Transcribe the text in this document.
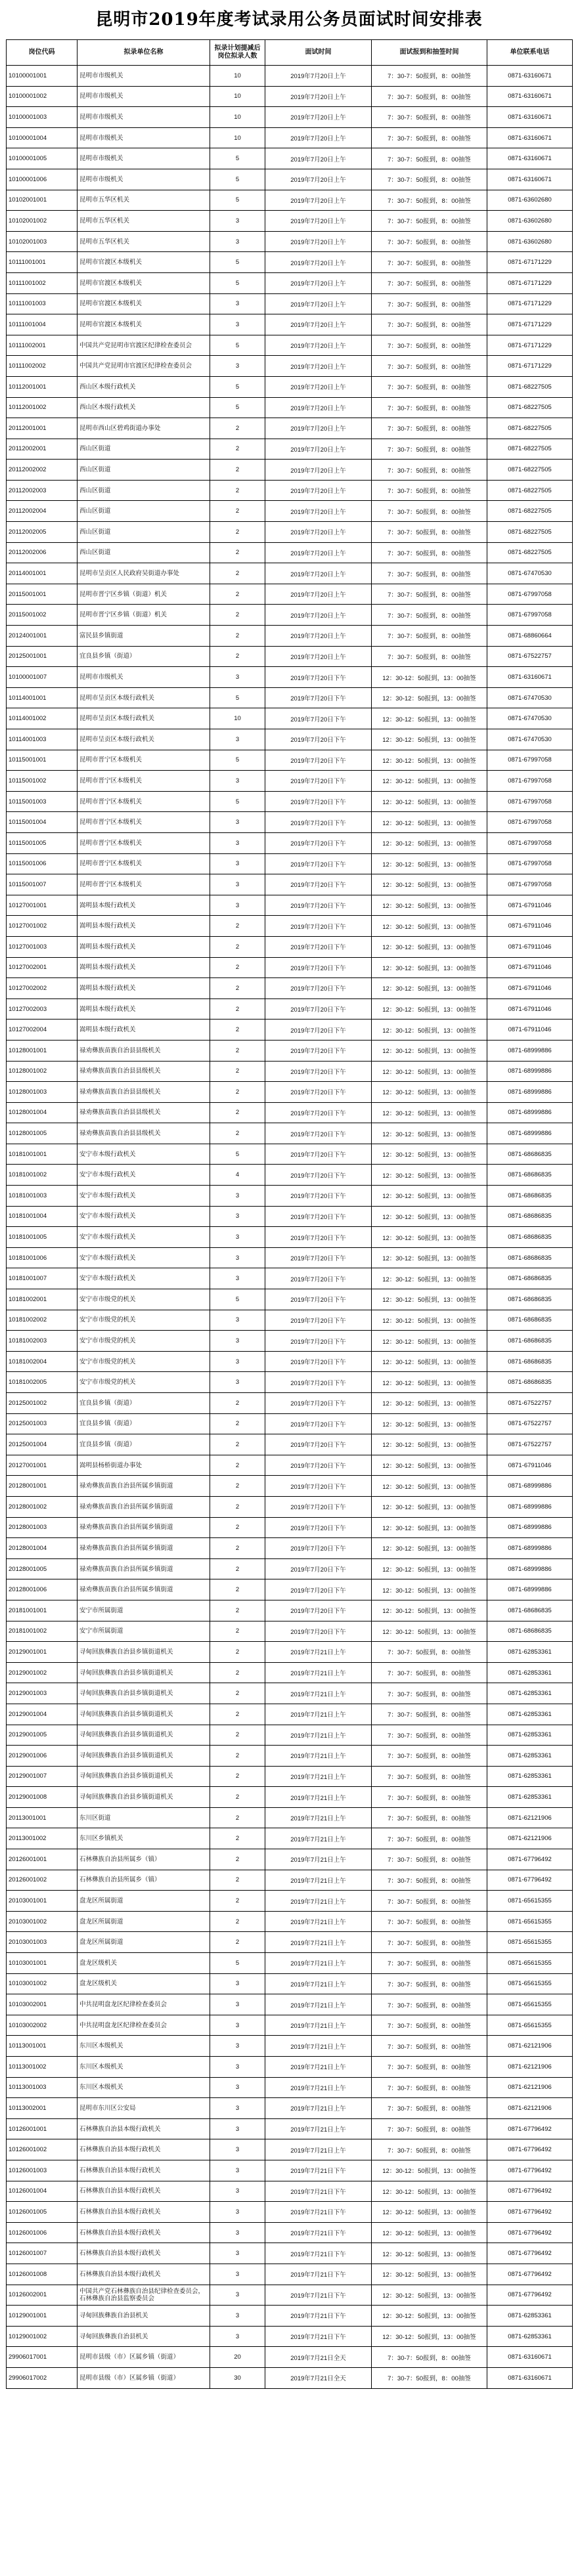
昆明市2019年度考试录用公务员面试时间安排表
岗位代码	拟录单位名称	拟录计划提减后岗位拟录人数	面试时间	面试报到和抽签时间	单位联系电话
10100001001	昆明市市级机关	10	2019年7月20日上午	7：30-7：50报到，8：00抽签	0871-63160671
10100001002	昆明市市级机关	10	2019年7月20日上午	7：30-7：50报到，8：00抽签	0871-63160671
10100001003	昆明市市级机关	10	2019年7月20日上午	7：30-7：50报到，8：00抽签	0871-63160671
10100001004	昆明市市级机关	10	2019年7月20日上午	7：30-7：50报到，8：00抽签	0871-63160671
10100001005	昆明市市级机关	5	2019年7月20日上午	7：30-7：50报到，8：00抽签	0871-63160671
10100001006	昆明市市级机关	5	2019年7月20日上午	7：30-7：50报到，8：00抽签	0871-63160671
10102001001	昆明市五华区机关	5	2019年7月20日上午	7：30-7：50报到，8：00抽签	0871-63602680
10102001002	昆明市五华区机关	3	2019年7月20日上午	7：30-7：50报到，8：00抽签	0871-63602680
10102001003	昆明市五华区机关	3	2019年7月20日上午	7：30-7：50报到，8：00抽签	0871-63602680
10111001001	昆明市官渡区本级机关	5	2019年7月20日上午	7：30-7：50报到，8：00抽签	0871-67171229
10111001002	昆明市官渡区本级机关	5	2019年7月20日上午	7：30-7：50报到，8：00抽签	0871-67171229
10111001003	昆明市官渡区本级机关	3	2019年7月20日上午	7：30-7：50报到，8：00抽签	0871-67171229
10111001004	昆明市官渡区本级机关	3	2019年7月20日上午	7：30-7：50报到，8：00抽签	0871-67171229
10111002001	中国共产党昆明市官渡区纪律检查委员会	5	2019年7月20日上午	7：30-7：50报到，8：00抽签	0871-67171229
10111002002	中国共产党昆明市官渡区纪律检查委员会	3	2019年7月20日上午	7：30-7：50报到，8：00抽签	0871-67171229
10112001001	西山区本级行政机关	5	2019年7月20日上午	7：30-7：50报到，8：00抽签	0871-68227505
10112001002	西山区本级行政机关	5	2019年7月20日上午	7：30-7：50报到，8：00抽签	0871-68227505
20112001001	昆明市西山区碧鸡街道办事处	2	2019年7月20日上午	7：30-7：50报到，8：00抽签	0871-68227505
20112002001	西山区街道	2	2019年7月20日上午	7：30-7：50报到，8：00抽签	0871-68227505
20112002002	西山区街道	2	2019年7月20日上午	7：30-7：50报到，8：00抽签	0871-68227505
20112002003	西山区街道	2	2019年7月20日上午	7：30-7：50报到，8：00抽签	0871-68227505
20112002004	西山区街道	2	2019年7月20日上午	7：30-7：50报到，8：00抽签	0871-68227505
20112002005	西山区街道	2	2019年7月20日上午	7：30-7：50报到，8：00抽签	0871-68227505
20112002006	西山区街道	2	2019年7月20日上午	7：30-7：50报到，8：00抽签	0871-68227505
20114001001	昆明市呈贡区人民政府吴街道办事处	2	2019年7月20日上午	7：30-7：50报到，8：00抽签	0871-67470530
20115001001	昆明市晋宁区乡镇（街道）机关	2	2019年7月20日上午	7：30-7：50报到，8：00抽签	0871-67997058
20115001002	昆明市晋宁区乡镇（街道）机关	2	2019年7月20日上午	7：30-7：50报到，8：00抽签	0871-67997058
20124001001	富民县乡镇街道	2	2019年7月20日上午	7：30-7：50报到，8：00抽签	0871-68860664
20125001001	宜良县乡镇（街道）	2	2019年7月20日上午	7：30-7：50报到，8：00抽签	0871-67522757
10100001007	昆明市市级机关	3	2019年7月20日下午	12：30-12：50报到，13：00抽签	0871-63160671
10114001001	昆明市呈贡区本级行政机关	5	2019年7月20日下午	12：30-12：50报到，13：00抽签	0871-67470530
10114001002	昆明市呈贡区本级行政机关	10	2019年7月20日下午	12：30-12：50报到，13：00抽签	0871-67470530
10114001003	昆明市呈贡区本级行政机关	3	2019年7月20日下午	12：30-12：50报到，13：00抽签	0871-67470530
10115001001	昆明市晋宁区本级机关	5	2019年7月20日下午	12：30-12：50报到，13：00抽签	0871-67997058
10115001002	昆明市晋宁区本级机关	3	2019年7月20日下午	12：30-12：50报到，13：00抽签	0871-67997058
10115001003	昆明市晋宁区本级机关	5	2019年7月20日下午	12：30-12：50报到，13：00抽签	0871-67997058
10115001004	昆明市晋宁区本级机关	3	2019年7月20日下午	12：30-12：50报到，13：00抽签	0871-67997058
10115001005	昆明市晋宁区本级机关	3	2019年7月20日下午	12：30-12：50报到，13：00抽签	0871-67997058
10115001006	昆明市晋宁区本级机关	3	2019年7月20日下午	12：30-12：50报到，13：00抽签	0871-67997058
10115001007	昆明市晋宁区本级机关	3	2019年7月20日下午	12：30-12：50报到，13：00抽签	0871-67997058
10127001001	嵩明县本级行政机关	3	2019年7月20日下午	12：30-12：50报到，13：00抽签	0871-67911046
10127001002	嵩明县本级行政机关	2	2019年7月20日下午	12：30-12：50报到，13：00抽签	0871-67911046
10127001003	嵩明县本级行政机关	2	2019年7月20日下午	12：30-12：50报到，13：00抽签	0871-67911046
10127002001	嵩明县本级行政机关	2	2019年7月20日下午	12：30-12：50报到，13：00抽签	0871-67911046
10127002002	嵩明县本级行政机关	2	2019年7月20日下午	12：30-12：50报到，13：00抽签	0871-67911046
10127002003	嵩明县本级行政机关	2	2019年7月20日下午	12：30-12：50报到，13：00抽签	0871-67911046
10127002004	嵩明县本级行政机关	2	2019年7月20日下午	12：30-12：50报到，13：00抽签	0871-67911046
10128001001	禄劝彝族苗族自治县县级机关	2	2019年7月20日下午	12：30-12：50报到，13：00抽签	0871-68999886
10128001002	禄劝彝族苗族自治县县级机关	2	2019年7月20日下午	12：30-12：50报到，13：00抽签	0871-68999886
10128001003	禄劝彝族苗族自治县县级机关	2	2019年7月20日下午	12：30-12：50报到，13：00抽签	0871-68999886
10128001004	禄劝彝族苗族自治县县级机关	2	2019年7月20日下午	12：30-12：50报到，13：00抽签	0871-68999886
10128001005	禄劝彝族苗族自治县县级机关	2	2019年7月20日下午	12：30-12：50报到，13：00抽签	0871-68999886
10181001001	安宁市本级行政机关	5	2019年7月20日下午	12：30-12：50报到，13：00抽签	0871-68686835
10181001002	安宁市本级行政机关	4	2019年7月20日下午	12：30-12：50报到，13：00抽签	0871-68686835
10181001003	安宁市本级行政机关	3	2019年7月20日下午	12：30-12：50报到，13：00抽签	0871-68686835
10181001004	安宁市本级行政机关	3	2019年7月20日下午	12：30-12：50报到，13：00抽签	0871-68686835
10181001005	安宁市本级行政机关	3	2019年7月20日下午	12：30-12：50报到，13：00抽签	0871-68686835
10181001006	安宁市本级行政机关	3	2019年7月20日下午	12：30-12：50报到，13：00抽签	0871-68686835
10181001007	安宁市本级行政机关	3	2019年7月20日下午	12：30-12：50报到，13：00抽签	0871-68686835
10181002001	安宁市市级党的机关	5	2019年7月20日下午	12：30-12：50报到，13：00抽签	0871-68686835
10181002002	安宁市市级党的机关	3	2019年7月20日下午	12：30-12：50报到，13：00抽签	0871-68686835
10181002003	安宁市市级党的机关	3	2019年7月20日下午	12：30-12：50报到，13：00抽签	0871-68686835
10181002004	安宁市市级党的机关	3	2019年7月20日下午	12：30-12：50报到，13：00抽签	0871-68686835
10181002005	安宁市市级党的机关	3	2019年7月20日下午	12：30-12：50报到，13：00抽签	0871-68686835
20125001002	宜良县乡镇（街道）	2	2019年7月20日下午	12：30-12：50报到，13：00抽签	0871-67522757
20125001003	宜良县乡镇（街道）	2	2019年7月20日下午	12：30-12：50报到，13：00抽签	0871-67522757
20125001004	宜良县乡镇（街道）	2	2019年7月20日下午	12：30-12：50报到，13：00抽签	0871-67522757
20127001001	嵩明县杨桥街道办事处	2	2019年7月20日下午	12：30-12：50报到，13：00抽签	0871-67911046
20128001001	禄劝彝族苗族自治县所属乡镇街道	2	2019年7月20日下午	12：30-12：50报到，13：00抽签	0871-68999886
20128001002	禄劝彝族苗族自治县所属乡镇街道	2	2019年7月20日下午	12：30-12：50报到，13：00抽签	0871-68999886
20128001003	禄劝彝族苗族自治县所属乡镇街道	2	2019年7月20日下午	12：30-12：50报到，13：00抽签	0871-68999886
20128001004	禄劝彝族苗族自治县所属乡镇街道	2	2019年7月20日下午	12：30-12：50报到，13：00抽签	0871-68999886
20128001005	禄劝彝族苗族自治县所属乡镇街道	2	2019年7月20日下午	12：30-12：50报到，13：00抽签	0871-68999886
20128001006	禄劝彝族苗族自治县所属乡镇街道	2	2019年7月20日下午	12：30-12：50报到，13：00抽签	0871-68999886
20181001001	安宁市所属街道	2	2019年7月20日下午	12：30-12：50报到，13：00抽签	0871-68686835
20181001002	安宁市所属街道	2	2019年7月20日下午	12：30-12：50报到，13：00抽签	0871-68686835
20129001001	寻甸回族彝族自治县乡镇街道机关	2	2019年7月21日上午	7：30-7：50报到，8：00抽签	0871-62853361
20129001002	寻甸回族彝族自治县乡镇街道机关	2	2019年7月21日上午	7：30-7：50报到，8：00抽签	0871-62853361
20129001003	寻甸回族彝族自治县乡镇街道机关	2	2019年7月21日上午	7：30-7：50报到，8：00抽签	0871-62853361
20129001004	寻甸回族彝族自治县乡镇街道机关	2	2019年7月21日上午	7：30-7：50报到，8：00抽签	0871-62853361
20129001005	寻甸回族彝族自治县乡镇街道机关	2	2019年7月21日上午	7：30-7：50报到，8：00抽签	0871-62853361
20129001006	寻甸回族彝族自治县乡镇街道机关	2	2019年7月21日上午	7：30-7：50报到，8：00抽签	0871-62853361
20129001007	寻甸回族彝族自治县乡镇街道机关	2	2019年7月21日上午	7：30-7：50报到，8：00抽签	0871-62853361
20129001008	寻甸回族彝族自治县乡镇街道机关	2	2019年7月21日上午	7：30-7：50报到，8：00抽签	0871-62853361
20113001001	东川区街道	2	2019年7月21日上午	7：30-7：50报到，8：00抽签	0871-62121906
20113001002	东川区乡镇机关	2	2019年7月21日上午	7：30-7：50报到，8：00抽签	0871-62121906
20126001001	石林彝族自治县所属乡（镇）	2	2019年7月21日上午	7：30-7：50报到，8：00抽签	0871-67796492
20126001002	石林彝族自治县所属乡（镇）	2	2019年7月21日上午	7：30-7：50报到，8：00抽签	0871-67796492
20103001001	盘龙区所属街道	2	2019年7月21日上午	7：30-7：50报到，8：00抽签	0871-65615355
20103001002	盘龙区所属街道	2	2019年7月21日上午	7：30-7：50报到，8：00抽签	0871-65615355
20103001003	盘龙区所属街道	2	2019年7月21日上午	7：30-7：50报到，8：00抽签	0871-65615355
10103001001	盘龙区级机关	5	2019年7月21日上午	7：30-7：50报到，8：00抽签	0871-65615355
10103001002	盘龙区级机关	3	2019年7月21日上午	7：30-7：50报到，8：00抽签	0871-65615355
10103002001	中共昆明盘龙区纪律检查委员会	3	2019年7月21日上午	7：30-7：50报到，8：00抽签	0871-65615355
10103002002	中共昆明盘龙区纪律检查委员会	3	2019年7月21日上午	7：30-7：50报到，8：00抽签	0871-65615355
10113001001	东川区本级机关	3	2019年7月21日上午	7：30-7：50报到，8：00抽签	0871-62121906
10113001002	东川区本级机关	3	2019年7月21日上午	7：30-7：50报到，8：00抽签	0871-62121906
10113001003	东川区本级机关	3	2019年7月21日上午	7：30-7：50报到，8：00抽签	0871-62121906
10113002001	昆明市东川区公安局	3	2019年7月21日上午	7：30-7：50报到，8：00抽签	0871-62121906
10126001001	石林彝族自治县本级行政机关	3	2019年7月21日上午	7：30-7：50报到，8：00抽签	0871-67796492
10126001002	石林彝族自治县本级行政机关	3	2019年7月21日上午	7：30-7：50报到，8：00抽签	0871-67796492
10126001003	石林彝族自治县本级行政机关	3	2019年7月21日下午	12：30-12：50报到，13：00抽签	0871-67796492
10126001004	石林彝族自治县本级行政机关	3	2019年7月21日下午	12：30-12：50报到，13：00抽签	0871-67796492
10126001005	石林彝族自治县本级行政机关	3	2019年7月21日下午	12：30-12：50报到，13：00抽签	0871-67796492
10126001006	石林彝族自治县本级行政机关	3	2019年7月21日下午	12：30-12：50报到，13：00抽签	0871-67796492
10126001007	石林彝族自治县本级行政机关	3	2019年7月21日下午	12：30-12：50报到，13：00抽签	0871-67796492
10126001008	石林彝族自治县本级行政机关	3	2019年7月21日下午	12：30-12：50报到，13：00抽签	0871-67796492
10126002001	中国共产党石林彝族自治县纪律检查委员会，石林彝族自治县监察委员会	3	2019年7月21日下午	12：30-12：50报到，13：00抽签	0871-67796492
10129001001	寻甸回族彝族自治县机关	3	2019年7月21日下午	12：30-12：50报到，13：00抽签	0871-62853361
10129001002	寻甸回族彝族自治县机关	3	2019年7月21日下午	12：30-12：50报到，13：00抽签	0871-62853361
29906017001	昆明市县级（市）区属乡镇（街道）	20	2019年7月21日全天	7：30-7：50报到，8：00抽签	0871-63160671
29906017002	昆明市县级（市）区属乡镇（街道）	30	2019年7月21日全天	7：30-7：50报到，8：00抽签	0871-63160671
